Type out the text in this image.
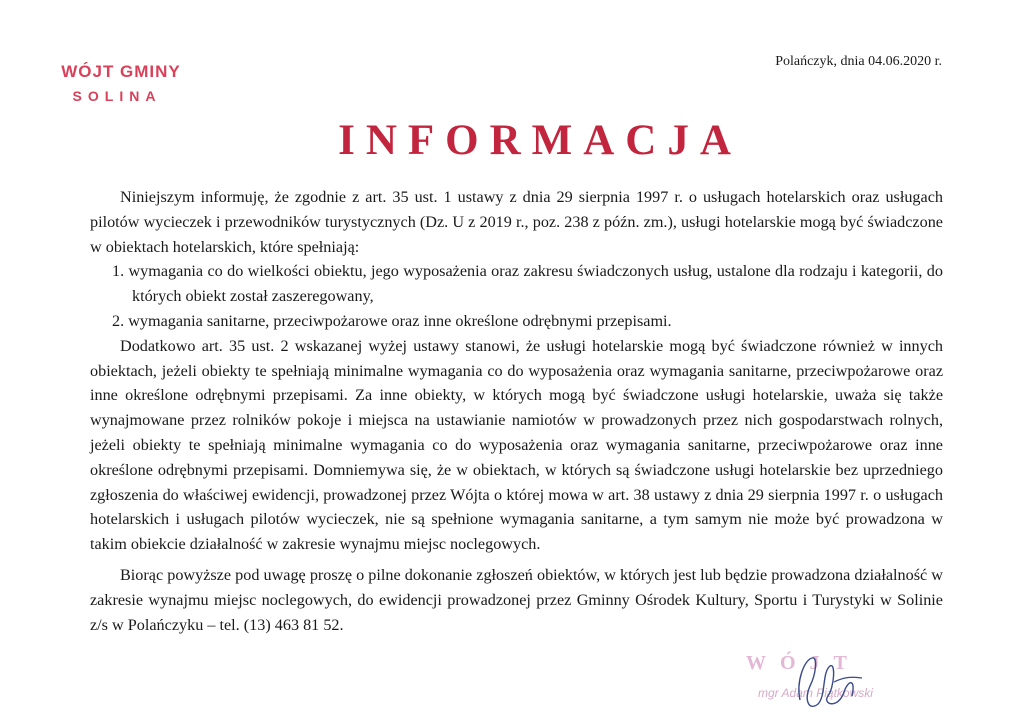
WÓJT GMINY
SOLINA
Polańczyk, dnia 04.06.2020 r.
INFORMACJA

Niniejszym informuję, że zgodnie z art. 35 ust. 1 ustawy z dnia 29 sierpnia 1997 r. o usługach hotelarskich oraz usługach pilotów wycieczek i przewodników turystycznych (Dz. U z 2019 r., poz. 238 z późn. zm.), usługi hotelarskie mogą być świadczone w obiektach hotelarskich, które spełniają:

1. wymagania co do wielkości obiektu, jego wyposażenia oraz zakresu świadczonych usług, ustalone dla rodzaju i kategorii, do których obiekt został zaszeregowany,

2. wymagania sanitarne, przeciwpożarowe oraz inne określone odrębnymi przepisami.

Dodatkowo art. 35 ust. 2 wskazanej wyżej ustawy stanowi, że usługi hotelarskie mogą być świadczone również w innych obiektach, jeżeli obiekty te spełniają minimalne wymagania co do wyposażenia oraz wymagania sanitarne, przeciwpożarowe oraz inne określone odrębnymi przepisami. Za inne obiekty, w których mogą być świadczone usługi hotelarskie, uważa się także wynajmowane przez rolników pokoje i miejsca na ustawianie namiotów w prowadzonych przez nich gospodarstwach rolnych, jeżeli obiekty te spełniają minimalne wymagania co do wyposażenia oraz wymagania sanitarne, przeciwpożarowe oraz inne określone odrębnymi przepisami. Domniemywa się, że w obiektach, w których są świadczone usługi hotelarskie bez uprzedniego zgłoszenia do właściwej ewidencji, prowadzonej przez Wójta o której mowa w art. 38 ustawy z dnia 29 sierpnia 1997 r. o usługach hotelarskich i usługach pilotów wycieczek, nie są spełnione wymagania sanitarne, a tym samym nie może być prowadzona w takim obiekcie działalność w zakresie wynajmu miejsc noclegowych.

Biorąc powyższe pod uwagę proszę o pilne dokonanie zgłoszeń obiektów, w których jest lub będzie prowadzona działalność w zakresie wynajmu miejsc noclegowych, do ewidencji prowadzonej przez Gminny Ośrodek Kultury, Sportu i Turystyki w Solinie z/s w Polańczyku – tel. (13) 463 81 52.

WÓJT
mgr Adam Piątkowski
